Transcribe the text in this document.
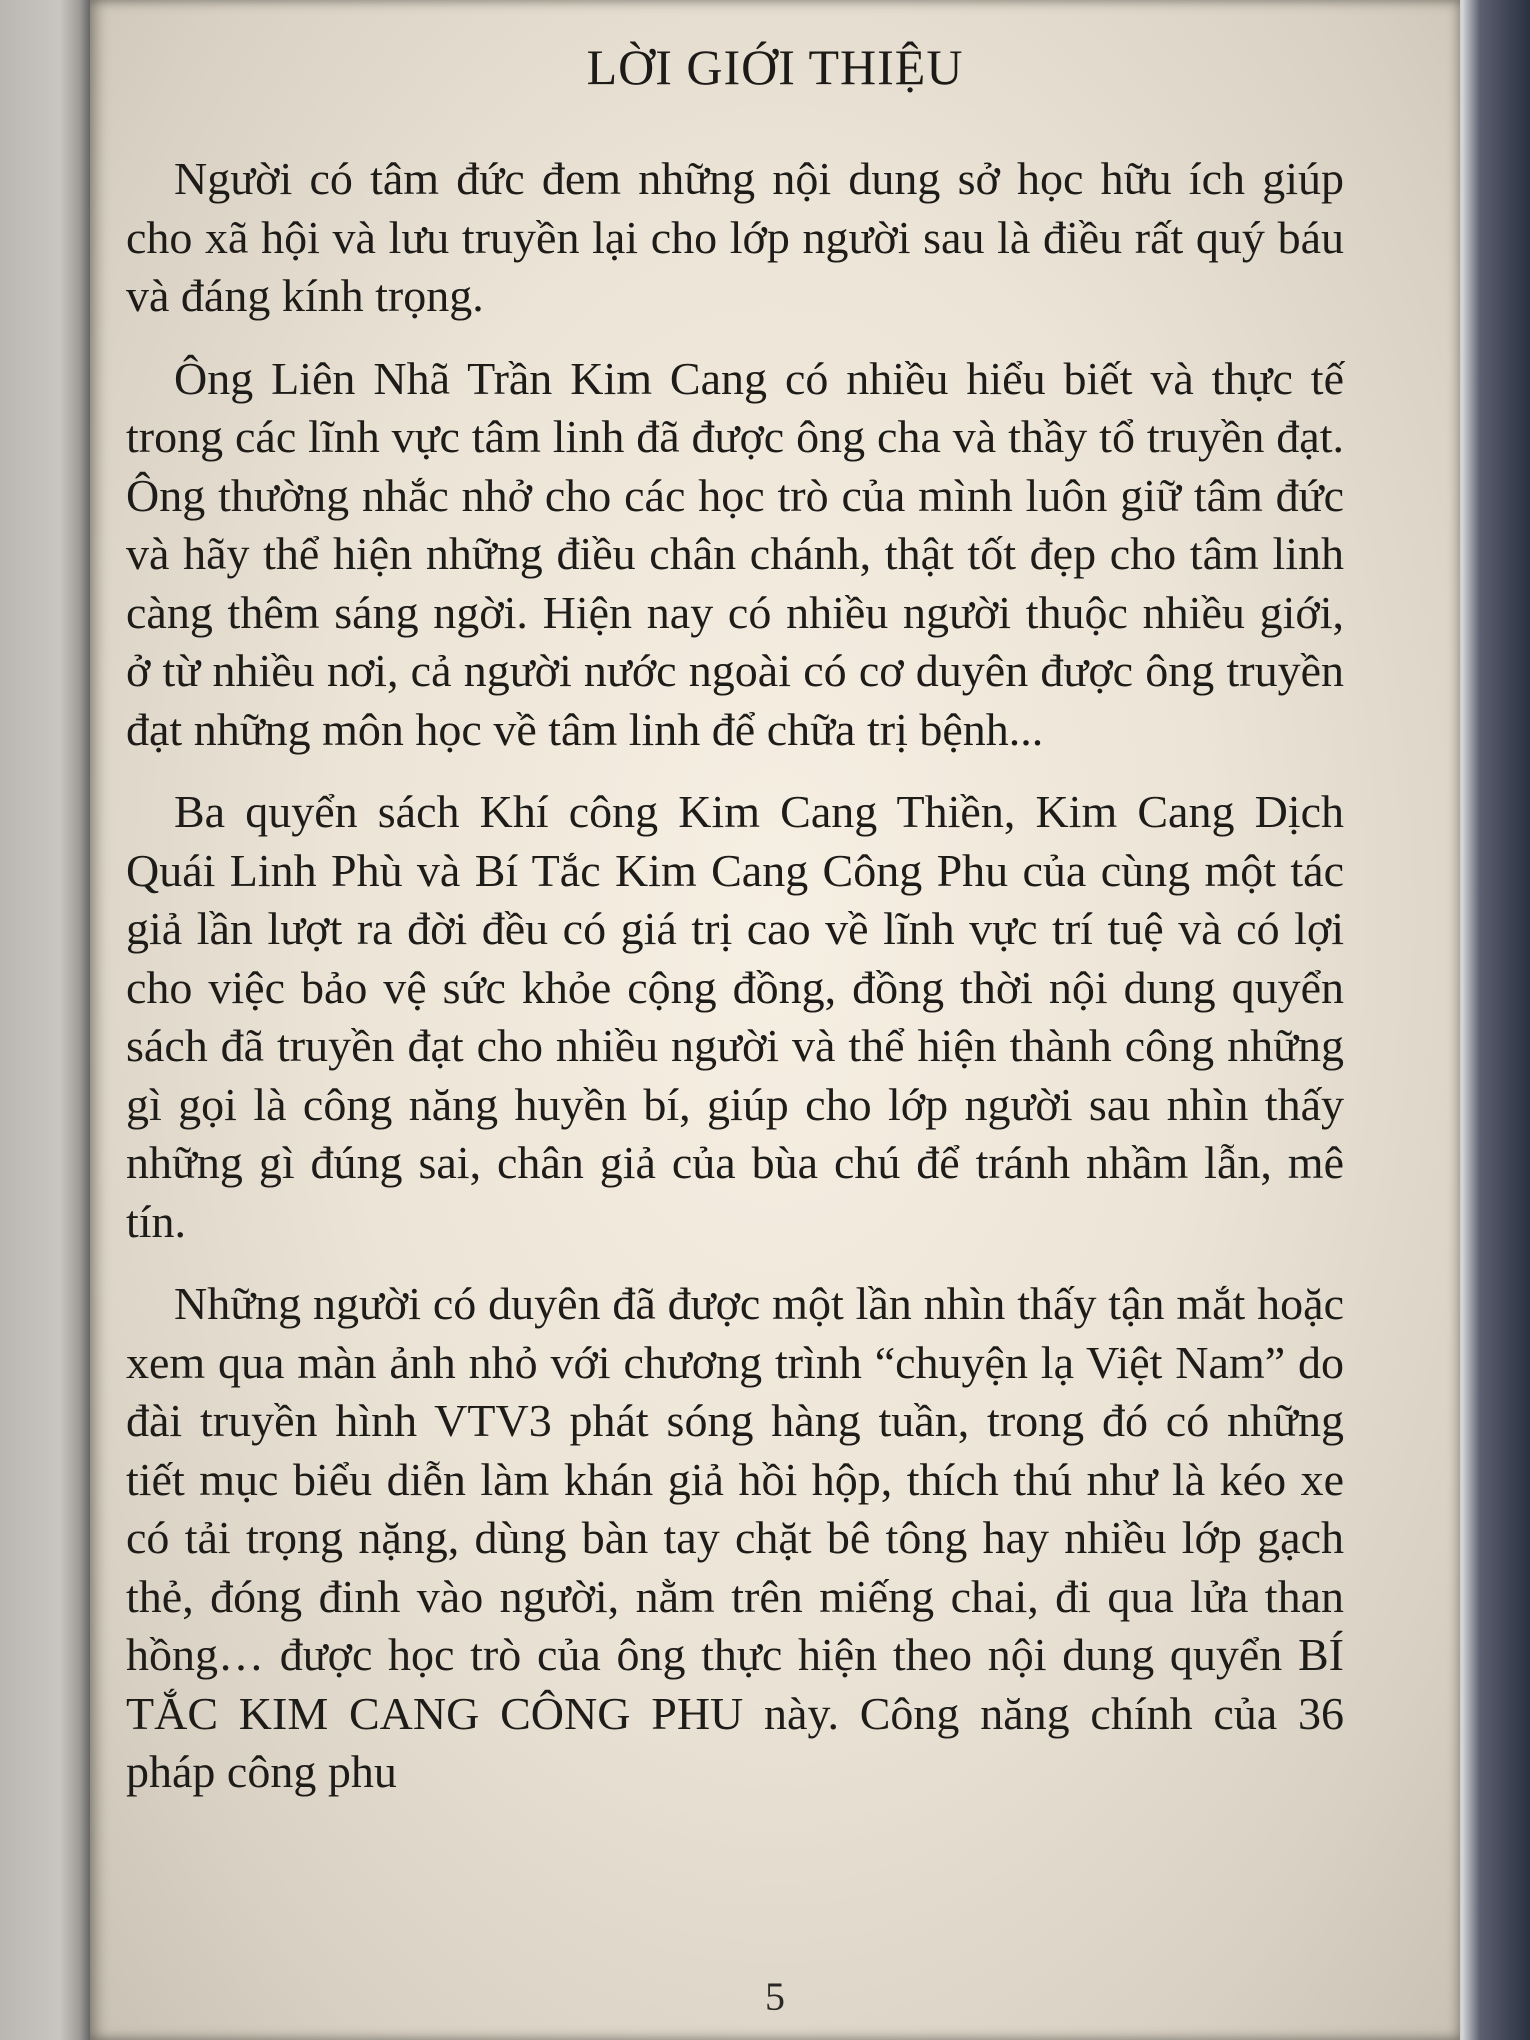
LỜI GIỚI THIỆU

Người có tâm đức đem những nội dung sở học hữu ích giúp cho xã hội và lưu truyền lại cho lớp người sau là điều rất quý báu và đáng kính trọng.

Ông Liên Nhã Trần Kim Cang có nhiều hiểu biết và thực tế trong các lĩnh vực tâm linh đã được ông cha và thầy tổ truyền đạt. Ông thường nhắc nhở cho các học trò của mình luôn giữ tâm đức và hãy thể hiện những điều chân chánh, thật tốt đẹp cho tâm linh càng thêm sáng ngời. Hiện nay có nhiều người thuộc nhiều giới, ở từ nhiều nơi, cả người nước ngoài có cơ duyên được ông truyền đạt những môn học về tâm linh để chữa trị bệnh...

Ba quyển sách Khí công Kim Cang Thiền, Kim Cang Dịch Quái Linh Phù và Bí Tắc Kim Cang Công Phu của cùng một tác giả lần lượt ra đời đều có giá trị cao về lĩnh vực trí tuệ và có lợi cho việc bảo vệ sức khỏe cộng đồng, đồng thời nội dung quyển sách đã truyền đạt cho nhiều người và thể hiện thành công những gì gọi là công năng huyền bí, giúp cho lớp người sau nhìn thấy những gì đúng sai, chân giả của bùa chú để tránh nhầm lẫn, mê tín.

Những người có duyên đã được một lần nhìn thấy tận mắt hoặc xem qua màn ảnh nhỏ với chương trình “chuyện lạ Việt Nam” do đài truyền hình VTV3 phát sóng hàng tuần, trong đó có những tiết mục biểu diễn làm khán giả hồi hộp, thích thú như là kéo xe có tải trọng nặng, dùng bàn tay chặt bê tông hay nhiều lớp gạch thẻ, đóng đinh vào người, nằm trên miếng chai, đi qua lửa than hồng… được học trò của ông thực hiện theo nội dung quyển BÍ TẮC KIM CANG CÔNG PHU này. Công năng chính của 36 pháp công phu

5
